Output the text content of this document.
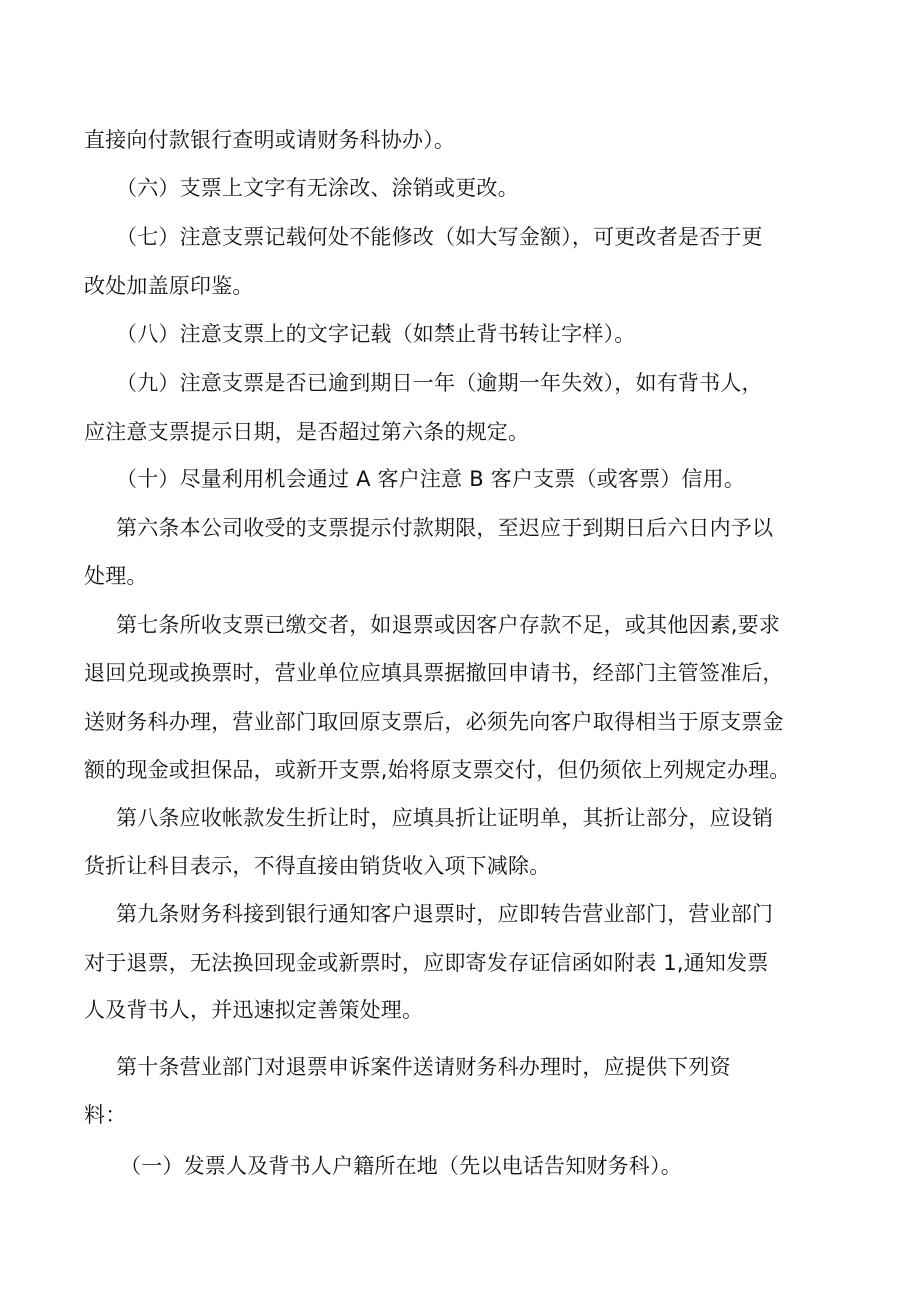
直接向付款银行查明或请财务科协办）。
（六）支票上文字有无涂改、涂销或更改。
（七）注意支票记载何处不能修改（如大写金额），可更改者是否于更
改处加盖原印鉴。
（八）注意支票上的文字记载（如禁止背书转让字样）。
（九）注意支票是否已逾到期日一年（逾期一年失效），如有背书人，
应注意支票提示日期，是否超过第六条的规定。
（十）尽量利用机会通过 A 客户注意 B 客户支票（或客票）信用。
第六条本公司收受的支票提示付款期限，至迟应于到期日后六日内予以
处理。
第七条所收支票已缴交者，如退票或因客户存款不足，或其他因素,要求
退回兑现或换票时，营业单位应填具票据撤回申请书，经部门主管签准后，
送财务科办理，营业部门取回原支票后，必须先向客户取得相当于原支票金
额的现金或担保品，或新开支票,始将原支票交付，但仍须依上列规定办理。
第八条应收帐款发生折让时，应填具折让证明单，其折让部分，应设销
货折让科目表示，不得直接由销货收入项下减除。
第九条财务科接到银行通知客户退票时，应即转告营业部门，营业部门
对于退票，无法换回现金或新票时，应即寄发存证信函如附表 1,通知发票
人及背书人，并迅速拟定善策处理。
第十条营业部门对退票申诉案件送请财务科办理时，应提供下列资
料：
（一）发票人及背书人户籍所在地（先以电话告知财务科）。
